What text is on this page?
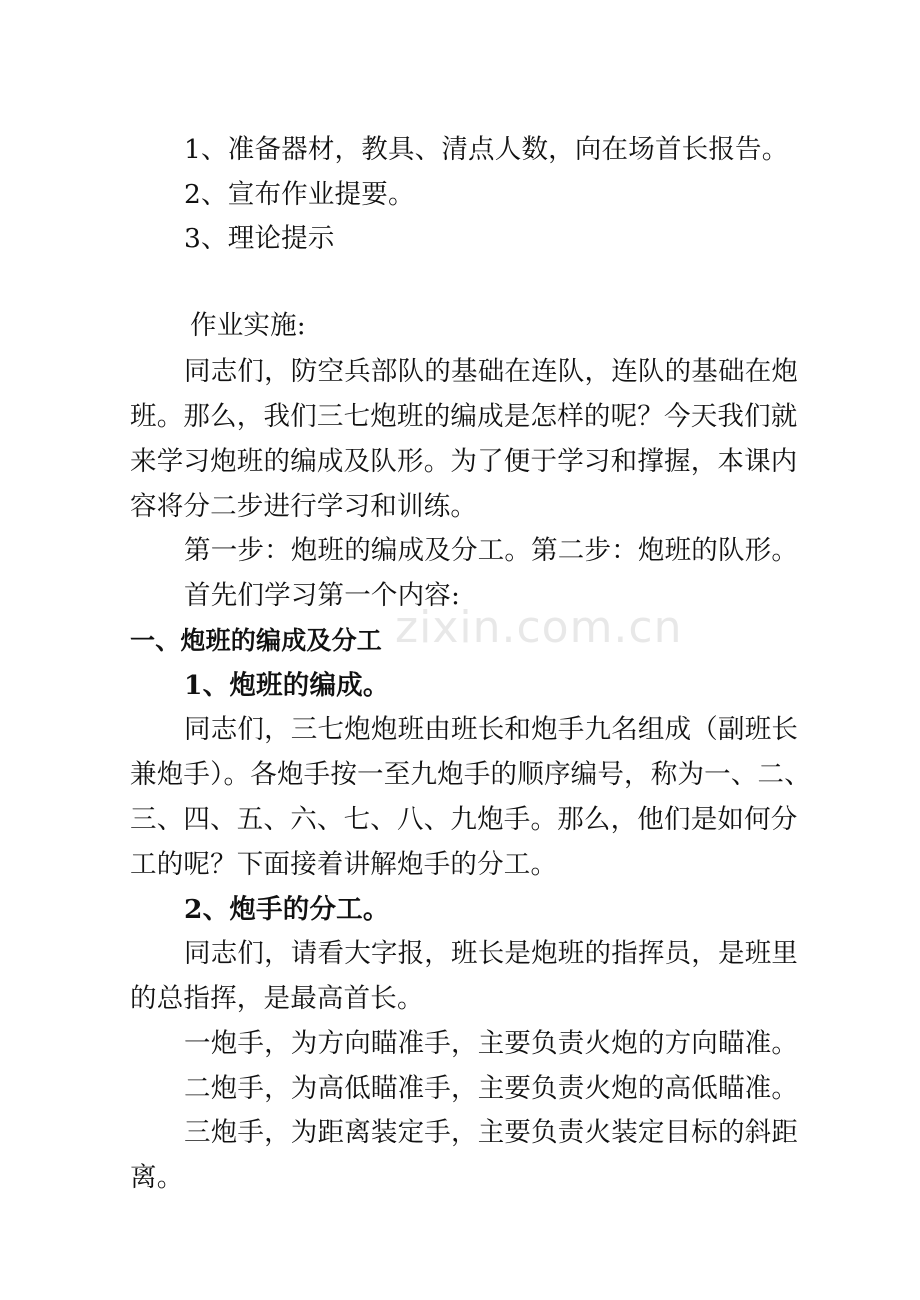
zixin.com.cn
1、准备器材，教具、清点人数，向在场首长报告。
2、宣布作业提要。
3、理论提示
作业实施:
同志们，防空兵部队的基础在连队，连队的基础在炮
班。那么，我们三七炮班的编成是怎样的呢？今天我们就
来学习炮班的编成及队形。为了便于学习和撑握，本课内
容将分二步进行学习和训练。
第一步：炮班的编成及分工。第二步：炮班的队形。
首先们学习第一个内容:
一、炮班的编成及分工
1、炮班的编成。
同志们，三七炮炮班由班长和炮手九名组成（副班长
兼炮手）。各炮手按一至九炮手的顺序编号，称为一、二、
三、四、五、六、七、八、九炮手。那么，他们是如何分
工的呢？下面接着讲解炮手的分工。
2、炮手的分工。
同志们，请看大字报，班长是炮班的指挥员，是班里
的总指挥，是最高首长。
一炮手，为方向瞄准手，主要负责火炮的方向瞄准。
二炮手，为高低瞄准手，主要负责火炮的高低瞄准。
三炮手，为距离装定手，主要负责火装定目标的斜距
离。
